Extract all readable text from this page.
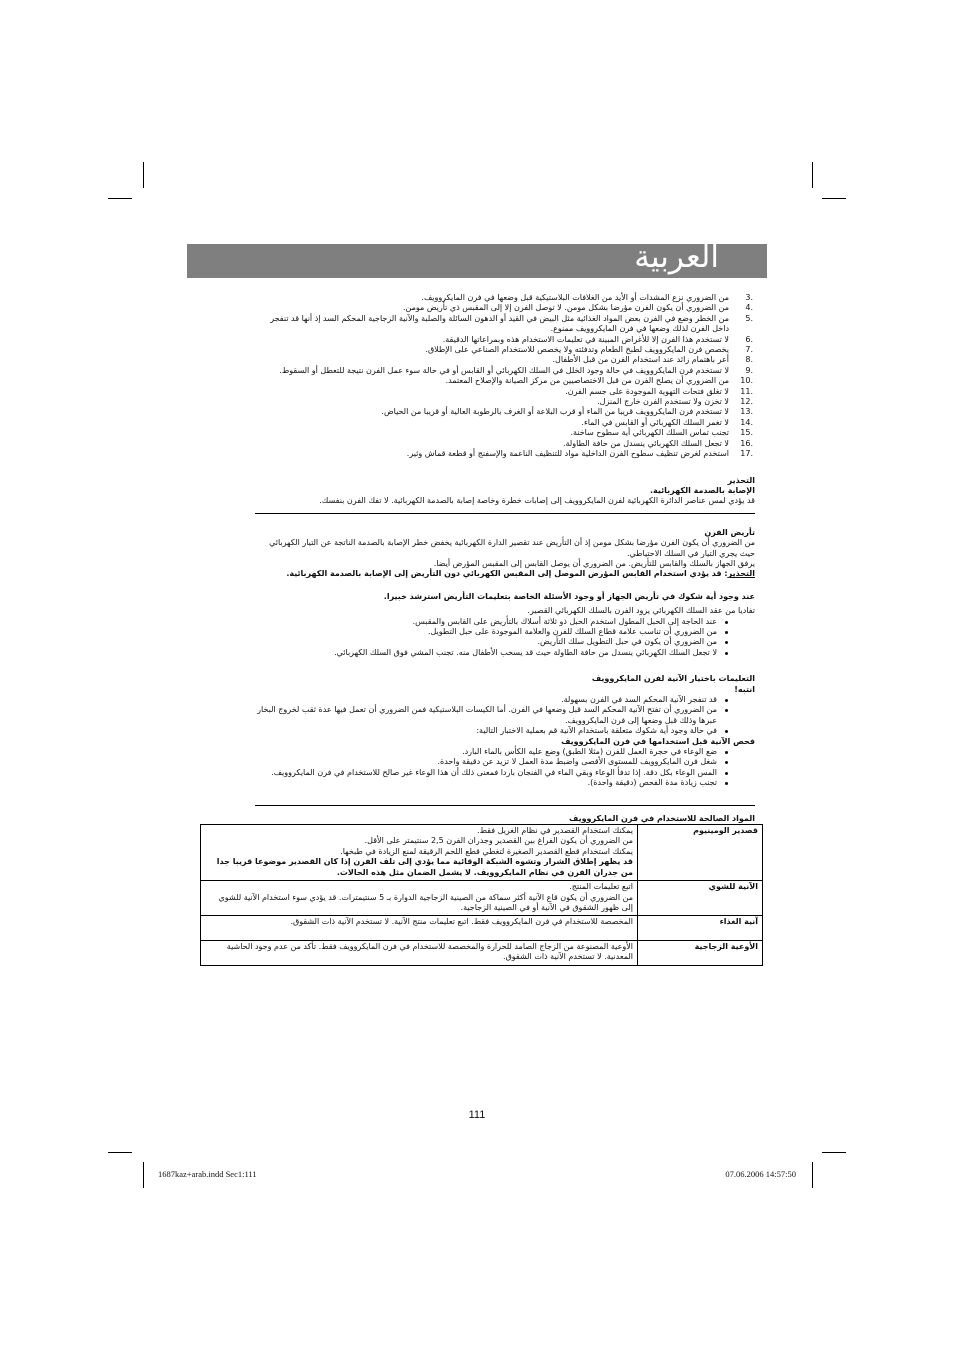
العربية
3.
من الضروري نزع المشدات أو الأيد من الغلافات البلاستيكية قبل وضعها في فرن المايكروويف.
4.
من الضروري أن يكون الفرن مؤرضا بشكل مومن. لا توصل الفرن إلا إلى المقبس ذي تأريض مومن.
5.
من الخطر وضع في الفرن بعض المواد الغذائية مثل البيض في القيد أو الدهون السائلة والصلبة والآنية الزجاجية المحكم السد إذ أنها قد تنفجر داخل الفرن لذلك وضعها في فرن المايكروويف ممنوع.
6.
لا تستخدم هذا الفرن إلا للأغراض المبينة في تعليمات الاستخدام هذه وبمراعاتها الدقيقة.
7.
يخصص فرن المايكروويف لطبخ الطعام وتدفئته ولا يخصص للاستخدام الصناعي على الإطلاق.
8.
أعر باهتمام زائد عند استخدام الفرن من قبل الأطفال.
9.
لا تستخدم فرن المايكروويف في حالة وجود الخلل في السلك الكهربائي أو القابس أو في حالة سوء عمل الفرن نتيجة للتعطل أو السقوط.
10.
من الضروري أن يصلح الفرن من قبل الاختصاصيين من مركز الصيانة والإصلاح المعتمد.
11.
لا تغلق فتحات التهوية الموجودة على جسم الفرن.
12.
لا تخزن ولا تستخدم الفرن خارج المنزل.
13.
لا تستخدم فرن المايكروويف قريبا من الماء أو قرب البلاعة أو الغرف بالرطوبة العالية أو قريبا من الحياض.
14.
لا تغمر السلك الكهربائي أو القابس في الماء.
15.
تجنب تماس السلك الكهربائي أية سطوح ساخنة.
16.
لا تجعل السلك الكهربائي ينسدل من حافة الطاولة.
17.
استخدم لغرض تنظيف سطوح الفرن الداخلية مواد للتنظيف الناعمة والإسفنج أو قطعة قماش وثير.

التحذير

الإصابة بالصدمة الكهربائية.

قد يؤدي لمس عناصر الدائرة الكهربائية لفرن المايكروويف إلى إصابات خطرة وخاصة إصابة بالصدمة الكهربائية. لا تفك الفرن بنفسك.

تأريض الفرن

من الضروري أن يكون الفرن مؤرضا بشكل مومن إذ أن التأريض عند تقصير الدارة الكهربائية يخفض خطر الإصابة بالصدمة الناتجة عن التيار الكهربائي حيث يجري التيار في السلك الاحتياطي.

يرفق الجهاز بالسلك والقابس للتأريض. من الضروري أن يوصل القابس إلى المقبس المؤرض أيضا.

التحذير: قد يؤدي استخدام القابس المؤرض الموصل إلى المقبس الكهربائي دون التأريض إلى الإصابة بالصدمة الكهربائية.

عند وجود أية شكوك في تأريض الجهاز أو وجود الأسئلة الخاصة بتعليمات التأريض استرشد خبيرا.

تفاديا من عقد السلك الكهربائي يزود الفرن بالسلك الكهربائي القصير.

عند الحاجة إلى الحبل المطول استخدم الحبل ذو ثلاثة أسلاك بالتأريض على القابس والمقبس.
من الضروري أن تناسب علامة قطاع السلك للفرن والعلامة الموجودة على حبل التطويل.
من الضروري أن يكون في حبل التطويل سلك التأريض.
لا تجعل السلك الكهربائي ينسدل من حافة الطاولة حيث قد يسحب الأطفال منه. تجنب المشي فوق السلك الكهربائي.

التعليمات باختيار الآنية لفرن المايكروويف

انتبه!

قد تنفجر الآنية المحكم السد في الفرن بسهولة.
من الضروري أن تفتح الآنية المحكم السد قبل وضعها في الفرن. أما الكيسات البلاستيكية فمن الضروري أن تعمل فيها عدة ثقب لخروج البخار عبرها وذلك قبل وضعها إلى فرن المايكروويف.
في حالة وجود أية شكوك متعلقة باستخدام الآنية قم بعملية الاختبار التالية:

فحص الآنية قبل استخدامها في فرن المايكروويف

ضع الوعاء في حجرة العمل للفرن (مثلا الطبق) وضع عليه الكأس بالماء البارد.
شغل فرن المايكروويف للمستوى الأقصى واضبط مدة العمل لا تزيد عن دقيقة واحدة.
المس الوعاء بكل دقة. إذا تدفأ الوعاء وبقي الماء في الفنجان باردا فمعنى ذلك أن هذا الوعاء غير صالح للاستخدام في فرن المايكروويف.
تجنب زيادة مدة الفحص (دقيقة واحدة).

المواد الصالحة للاستخدام في فرن المايكروويف

قصدير الومينيوم	يمكنك استخدام القصدير في نظام الغريل فقط.
من الضروري أن يكون الفراغ بين القصدير وجدران الفرن 2,5 سنتيمتر على الأقل.
يمكنك استخدام قطع القصدير الصغيرة لتغطي قطع اللحم الرقيقة لمنع الزيادة في طبخها.
قد يظهر إطلاق الشرار وتشوه الشبكة الوقائية مما يؤدي إلى تلف الفرن إذا كان القصدير موضوعا قريبا جدا من جدران الفرن في نظام المايكروويف. لا يشمل الضمان مثل هذه الحالات.

الآنية للشوي	اتبع تعليمات المنتج.
من الضروري أن يكون قاع الآنية أكثر سماكة من الصينية الزجاجية الدوارة بـ 5 سنتيمترات. قد يؤدي سوء استخدام الآنية للشوي إلى ظهور الشقوق في الآنية أو في الصينية الزجاجية.

آنية الغذاء	المخصصة للاستخدام في فرن المايكروويف فقط. اتبع تعليمات منتج الآنية. لا تستخدم الآنية ذات الشقوق.

الأوعية الزجاجية	الأوعية المصنوعة من الزجاج الصامد للحرارة والمخصصة للاستخدام في فرن المايكروويف فقط. تأكد من عدم وجود الحاشية المعدنية. لا تستخدم الآنية ذات الشقوق.
111
1687kaz+arab.indd Sec1:111	07.06.2006 14:57:50
